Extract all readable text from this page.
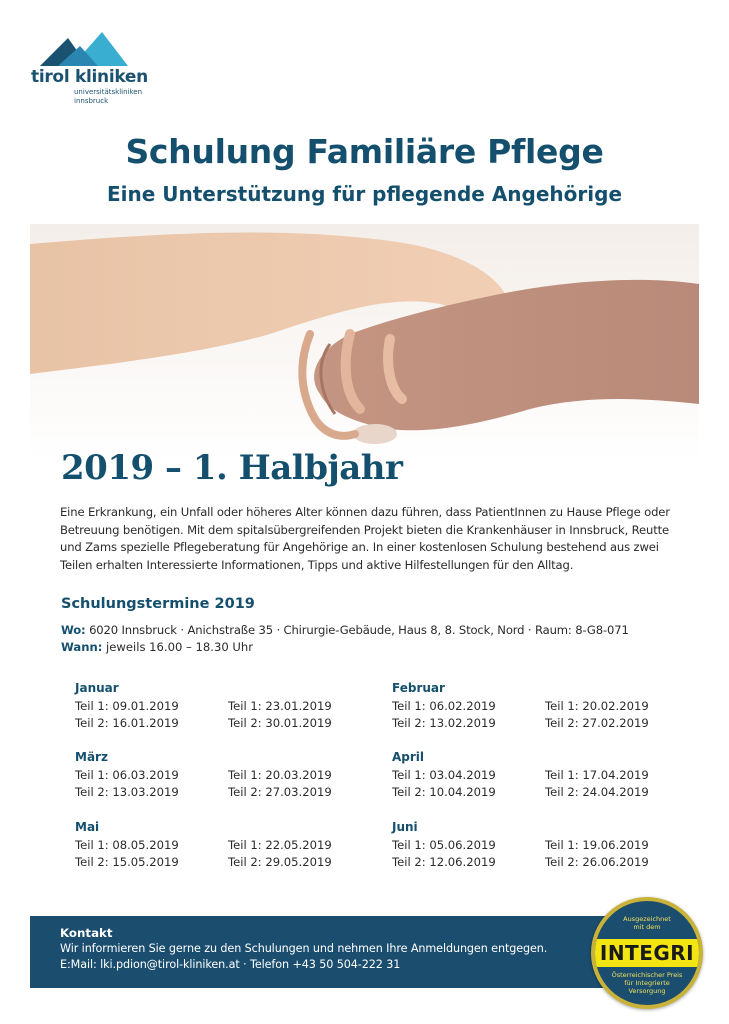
tirol kliniken
universitätskliniken
innsbruck
Schulung Familiäre Pflege
Eine Unterstützung für pflegende Angehörige
2019 – 1. Halbjahr
Eine Erkrankung, ein Unfall oder höheres Alter können dazu führen, dass PatientInnen zu Hause Pflege oder Betreuung benötigen. Mit dem spitalsübergreifenden Projekt bieten die Krankenhäuser in Innsbruck, Reutte und Zams spezielle Pflegeberatung für Angehörige an. In einer kostenlosen Schulung bestehend aus zwei Teilen erhalten Interessierte Informationen, Tipps und aktive Hilfestellungen für den Alltag.
Schulungstermine 2019
Wo: 6020 Innsbruck · Anichstraße 35 · Chirurgie-Gebäude, Haus 8, 8. Stock, Nord · Raum: 8-G8-071
Wann: jeweils 16.00 – 18.30 Uhr
Januar
Teil 1: 09.01.2019
Teil 2: 16.01.2019
Teil 1: 23.01.2019
Teil 2: 30.01.2019
Februar
Teil 1: 06.02.2019
Teil 2: 13.02.2019
Teil 1: 20.02.2019
Teil 2: 27.02.2019
März
Teil 1: 06.03.2019
Teil 2: 13.03.2019
Teil 1: 20.03.2019
Teil 2: 27.03.2019
April
Teil 1: 03.04.2019
Teil 2: 10.04.2019
Teil 1: 17.04.2019
Teil 2: 24.04.2019
Mai
Teil 1: 08.05.2019
Teil 2: 15.05.2019
Teil 1: 22.05.2019
Teil 2: 29.05.2019
Juni
Teil 1: 05.06.2019
Teil 2: 12.06.2019
Teil 1: 19.06.2019
Teil 2: 26.06.2019
Kontakt
Wir informieren Sie gerne zu den Schulungen und nehmen Ihre Anmeldungen entgegen.
E:Mail: lki.pdion@tirol-kliniken.at · Telefon +43 50 504-222 31
Ausgezeichnet
mit dem
INTEGRI
Österreichischer Preis
für Integrierte
Versorgung
